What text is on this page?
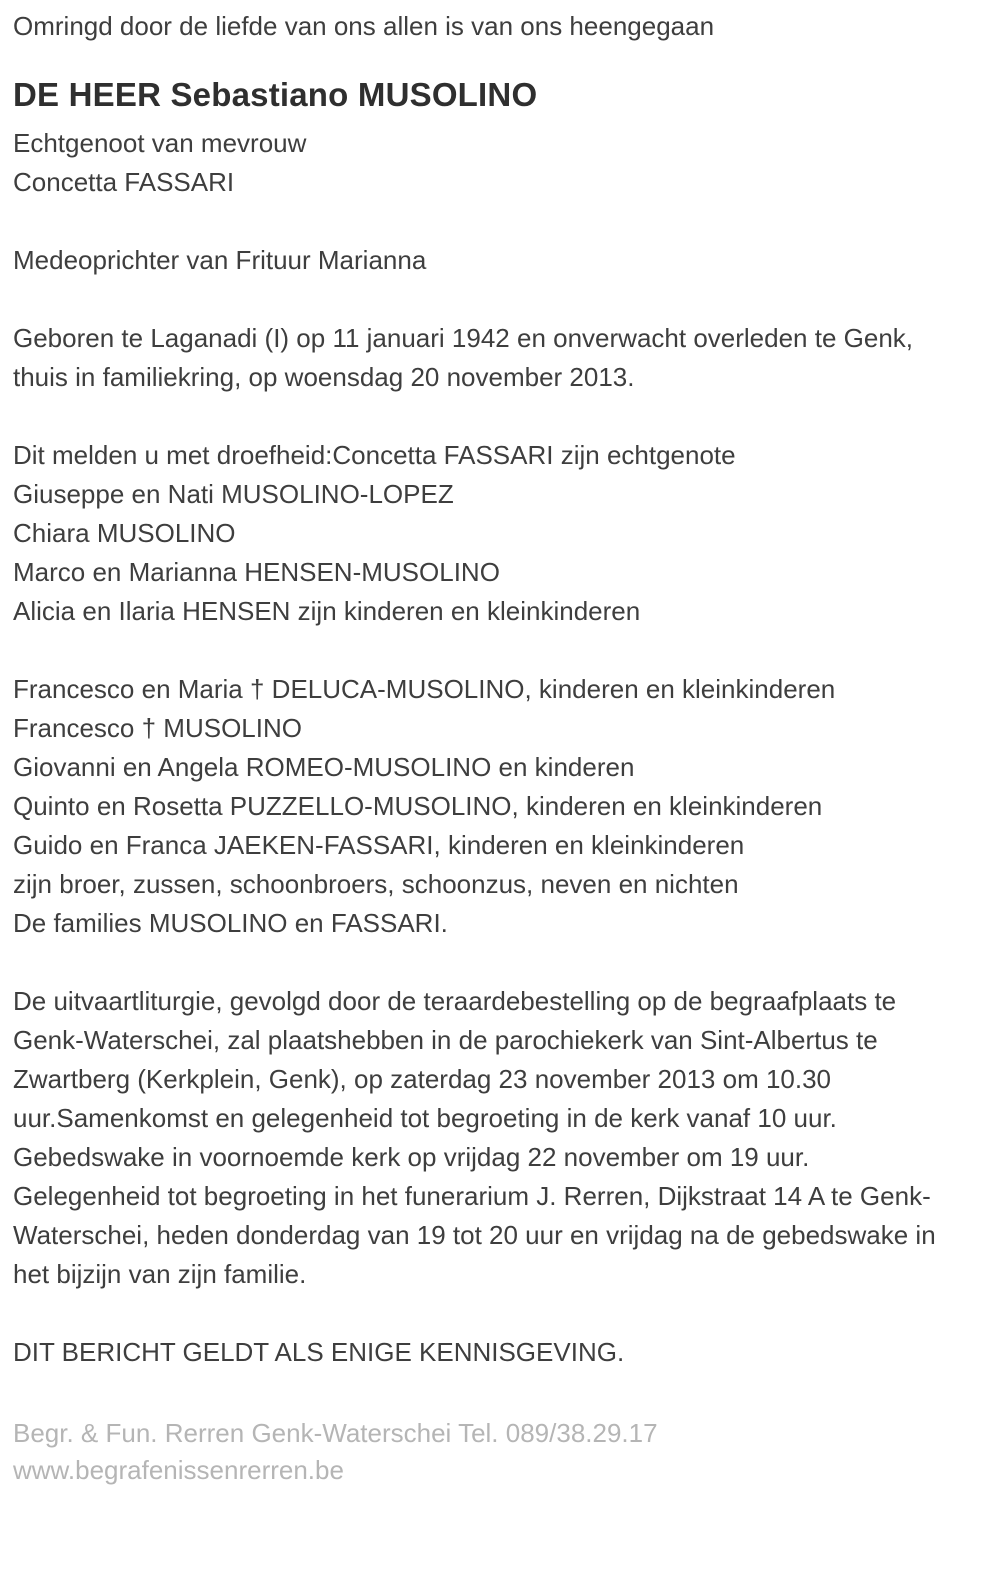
Omringd door de liefde van ons allen is van ons heengegaan

DE HEER Sebastiano MUSOLINO
Echtgenoot van mevrouw
Concetta FASSARI

Medeoprichter van Frituur Marianna

Geboren te Laganadi (I) op 11 januari 1942 en onverwacht overleden te Genk, thuis in familiekring, op woensdag 20 november 2013.

Dit melden u met droefheid:Concetta FASSARI zijn echtgenote
Giuseppe en Nati MUSOLINO-LOPEZ
Chiara MUSOLINO
Marco en Marianna HENSEN-MUSOLINO
Alicia en Ilaria HENSEN zijn kinderen en kleinkinderen
Francesco en Maria † DELUCA-MUSOLINO, kinderen en kleinkinderen
Francesco † MUSOLINO
Giovanni en Angela ROMEO-MUSOLINO en kinderen
Quinto en Rosetta PUZZELLO-MUSOLINO, kinderen en kleinkinderen
Guido en Franca JAEKEN-FASSARI, kinderen en kleinkinderen
zijn broer, zussen, schoonbroers, schoonzus, neven en nichten
De families MUSOLINO en FASSARI.

De uitvaartliturgie, gevolgd door de teraardebestelling op de begraafplaats te Genk-Waterschei, zal plaatshebben in de parochiekerk van Sint-Albertus te Zwartberg (Kerkplein, Genk), op zaterdag 23 november 2013 om 10.30 uur.Samenkomst en gelegenheid tot begroeting in de kerk vanaf 10 uur.

Gebedswake in voornoemde kerk op vrijdag 22 november om 19 uur.

Gelegenheid tot begroeting in het funerarium J. Rerren, Dijkstraat 14 A te Genk-Waterschei, heden donderdag van 19 tot 20 uur en vrijdag na de gebedswake in het bijzijn van zijn familie.

DIT BERICHT GELDT ALS ENIGE KENNISGEVING.

Begr. & Fun. Rerren Genk-Waterschei Tel. 089/38.29.17
www.begrafenissenrerren.be
